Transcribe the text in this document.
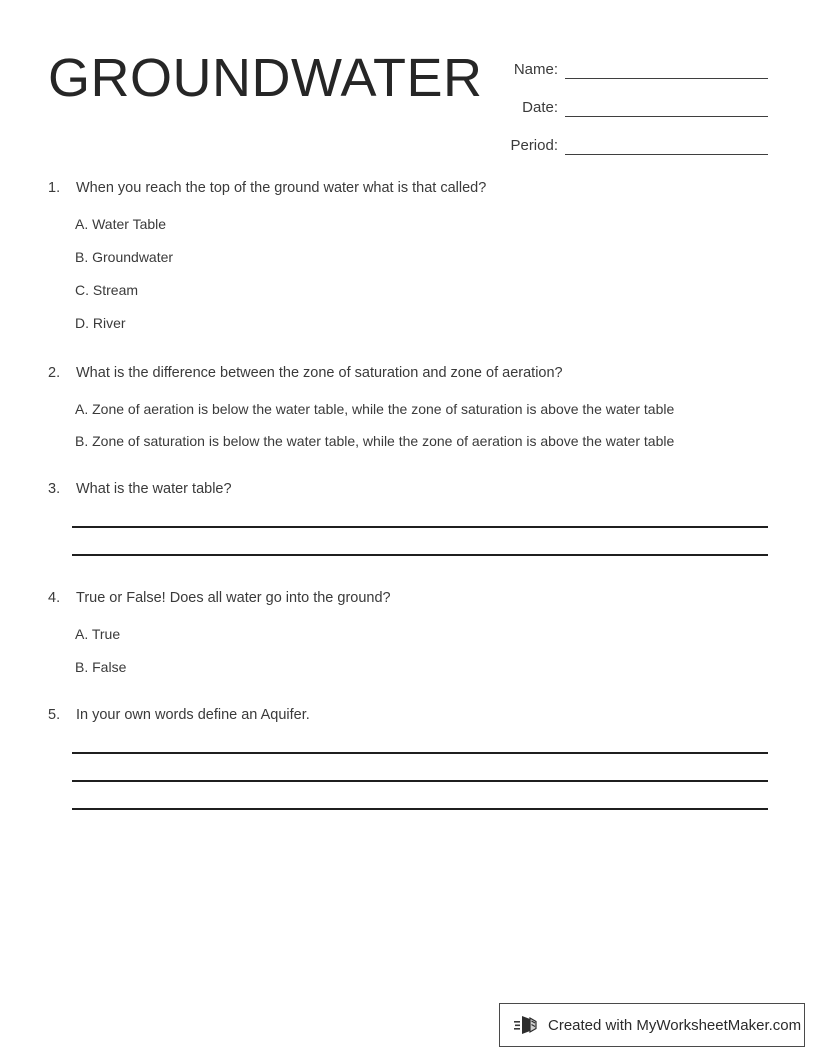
GROUNDWATER	Name:
Date:
Period:
1.	When you reach the top of the ground water what is that called?
A. Water Table
B. Groundwater
C. Stream
D. River
2.	What is the difference between the zone of saturation and zone of aeration?
A. Zone of aeration is below the water table, while the zone of saturation is above the water table
B. Zone of saturation is below the water table, while the zone of aeration is above the water table
3.	What is the water table?
4.	True or False! Does all water go into the ground?
A. True
B. False
5.	In your own words define an Aquifer.
Created with MyWorksheetMaker.com
